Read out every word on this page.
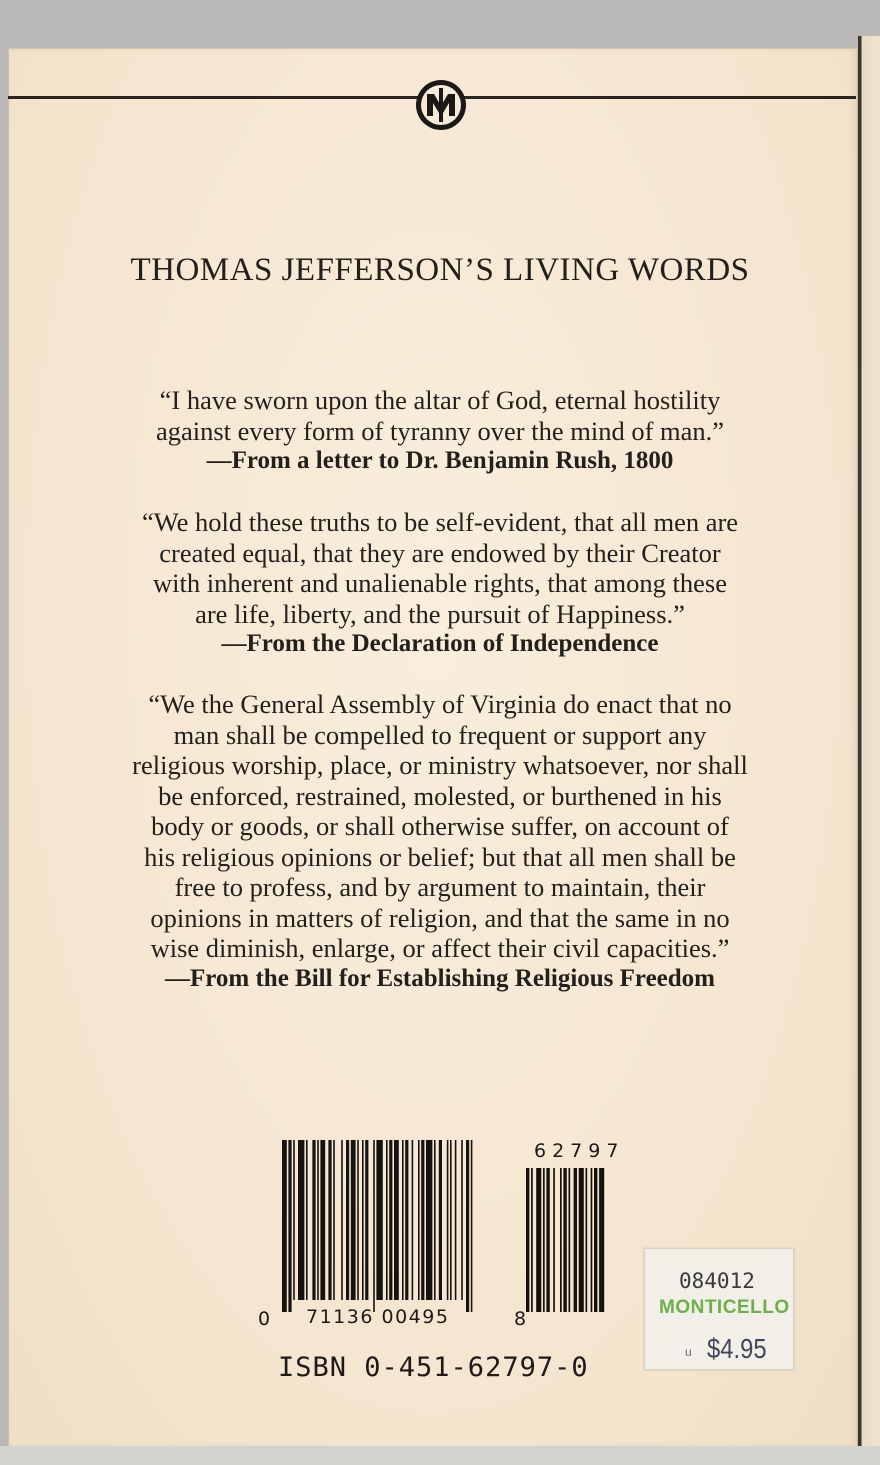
THOMAS JEFFERSON’S LIVING WORDS

“I have sworn upon the altar of God, eternal hostility

against every form of tyranny over the mind of man.”

—From a letter to Dr. Benjamin Rush, 1800

“We hold these truths to be self-evident, that all men are

created equal, that they are endowed by their Creator

with inherent and unalienable rights, that among these

are life, liberty, and the pursuit of Happiness.”

—From the Declaration of Independence

“We the General Assembly of Virginia do enact that no

man shall be compelled to frequent or support any

religious worship, place, or ministry whatsoever, nor shall

be enforced, restrained, molested, or burthened in his

body or goods, or shall otherwise suffer, on account of

his religious opinions or belief; but that all men shall be

free to profess, and by argument to maintain, their

opinions in matters of religion, and that the same in no

wise diminish, enlarge, or affect their civil capacities.”

—From the Bill for Establishing Religious Freedom

0 71136 00495	8
62797
ISBN 0-451-62797-0
084012
MONTICELLO
u $4.95
